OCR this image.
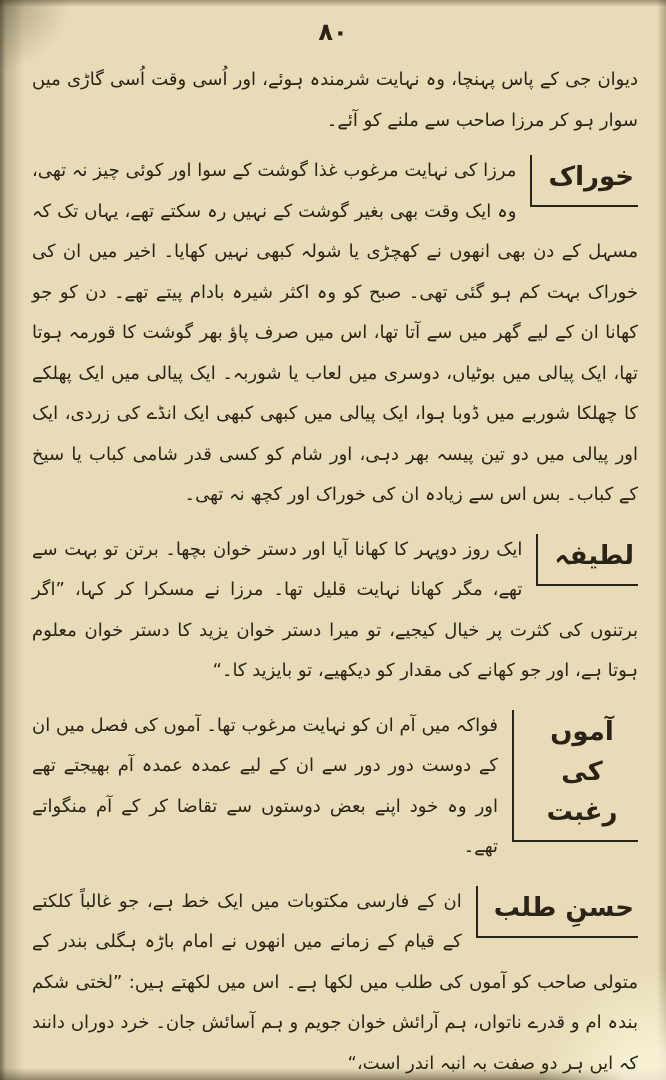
۸۰

دیوان جی کے پاس پہنچا، وہ نہایت شرمندہ ہوئے، اور اُسی وقت اُسی گاڑی میں سوار ہو کر مرزا صاحب سے ملنے کو آئے۔

خوراک

مرزا کی نہایت مرغوب غذا گوشت کے سوا اور کوئی چیز نہ تھی، وہ ایک وقت بھی بغیر گوشت کے نہیں رہ سکتے تھے، یہاں تک کہ مسہل کے دن بھی انھوں نے کھچڑی یا شولہ کبھی نہیں کھایا۔ اخیر میں ان کی خوراک بہت کم ہو گئی تھی۔ صبح کو وہ اکثر شیرہ بادام پیتے تھے۔ دن کو جو کھانا ان کے لیے گھر میں سے آتا تھا، اس میں صرف پاؤ بھر گوشت کا قورمہ ہوتا تھا، ایک پیالی میں بوٹیاں، دوسری میں لعاب یا شوربہ۔ ایک پیالی میں ایک پھلکے کا چھلکا شوربے میں ڈوبا ہوا، ایک پیالی میں کبھی کبھی ایک انڈے کی زردی، ایک اور پیالی میں دو تین پیسہ بھر دہی، اور شام کو کسی قدر شامی کباب یا سیخ کے کباب۔ بس اس سے زیادہ ان کی خوراک اور کچھ نہ تھی۔

لطیفہ

ایک روز دوپہر کا کھانا آیا اور دستر خوان بچھا۔ برتن تو بہت سے تھے، مگر کھانا نہایت قلیل تھا۔ مرزا نے مسکرا کر کہا، ”اگر برتنوں کی کثرت پر خیال کیجیے، تو میرا دستر خوان یزید کا دستر خوان معلوم ہوتا ہے، اور جو کھانے کی مقدار کو دیکھیے، تو بایزید کا۔“

آموں کی رغبت

فواکہ میں آم ان کو نہایت مرغوب تھا۔ آموں کی فصل میں ان کے دوست دور دور سے ان کے لیے عمدہ عمدہ آم بھیجتے تھے اور وہ خود اپنے بعض دوستوں سے تقاضا کر کے آم منگواتے تھے۔

حسنِ طلب

ان کے فارسی مکتوبات میں ایک خط ہے، جو غالباً کلکتے کے قیام کے زمانے میں انھوں نے امام باڑہ ہگلی بندر کے متولی صاحب کو آموں کی طلب میں لکھا ہے۔ اس میں لکھتے ہیں: ”لختی شکم بندہ ام و قدرے ناتواں، ہم آرائش خوان جویم و ہم آسائش جان۔ خرد دوراں دانند کہ ایں ہر دو صفت بہ انبہ اندر است،“
